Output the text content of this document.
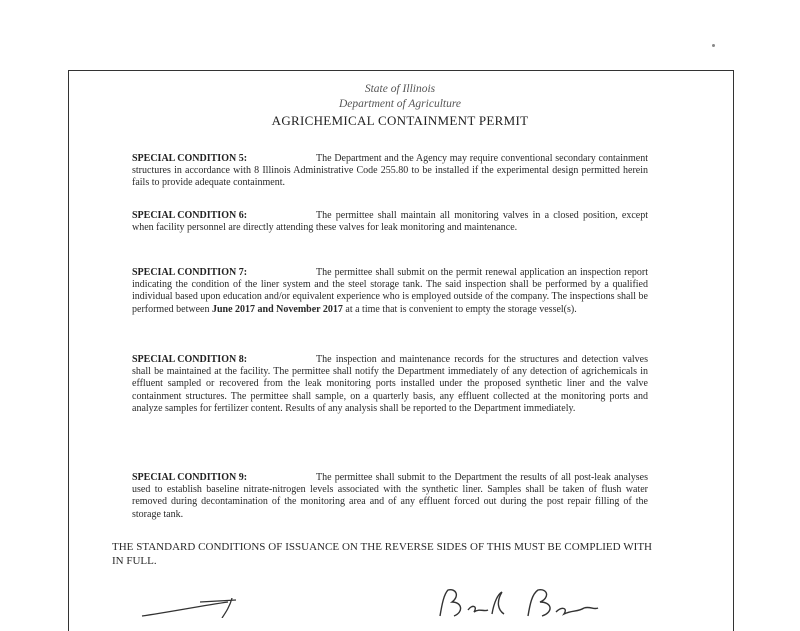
State of Illinois
Department of Agriculture
AGRICHEMICAL CONTAINMENT PERMIT
SPECIAL CONDITION 5:	The Department and the Agency may require conventional secondary containment structures in accordance with 8 Illinois Administrative Code 255.80 to be installed if the experimental design permitted herein fails to provide adequate containment.
SPECIAL CONDITION 6:	The permittee shall maintain all monitoring valves in a closed position, except when facility personnel are directly attending these valves for leak monitoring and maintenance.
SPECIAL CONDITION 7:	The permittee shall submit on the permit renewal application an inspection report indicating the condition of the liner system and the steel storage tank. The said inspection shall be performed by a qualified individual based upon education and/or equivalent experience who is employed outside of the company. The inspections shall be performed between June 2017 and November 2017 at a time that is convenient to empty the storage vessel(s).
SPECIAL CONDITION 8:	The inspection and maintenance records for the structures and detection valves shall be maintained at the facility. The permittee shall notify the Department immediately of any detection of agrichemicals in effluent sampled or recovered from the leak monitoring ports installed under the proposed synthetic liner and the valve containment structures. The permittee shall sample, on a quarterly basis, any effluent collected at the monitoring ports and analyze samples for fertilizer content. Results of any analysis shall be reported to the Department immediately.
SPECIAL CONDITION 9:	The permittee shall submit to the Department the results of all post-leak analyses used to establish baseline nitrate-nitrogen levels associated with the synthetic liner. Samples shall be taken of flush water removed during decontamination of the monitoring area and of any effluent forced out during the post repair filling of the storage tank.
THE STANDARD CONDITIONS OF ISSUANCE ON THE REVERSE SIDES OF THIS MUST BE COMPLIED WITH IN FULL.
